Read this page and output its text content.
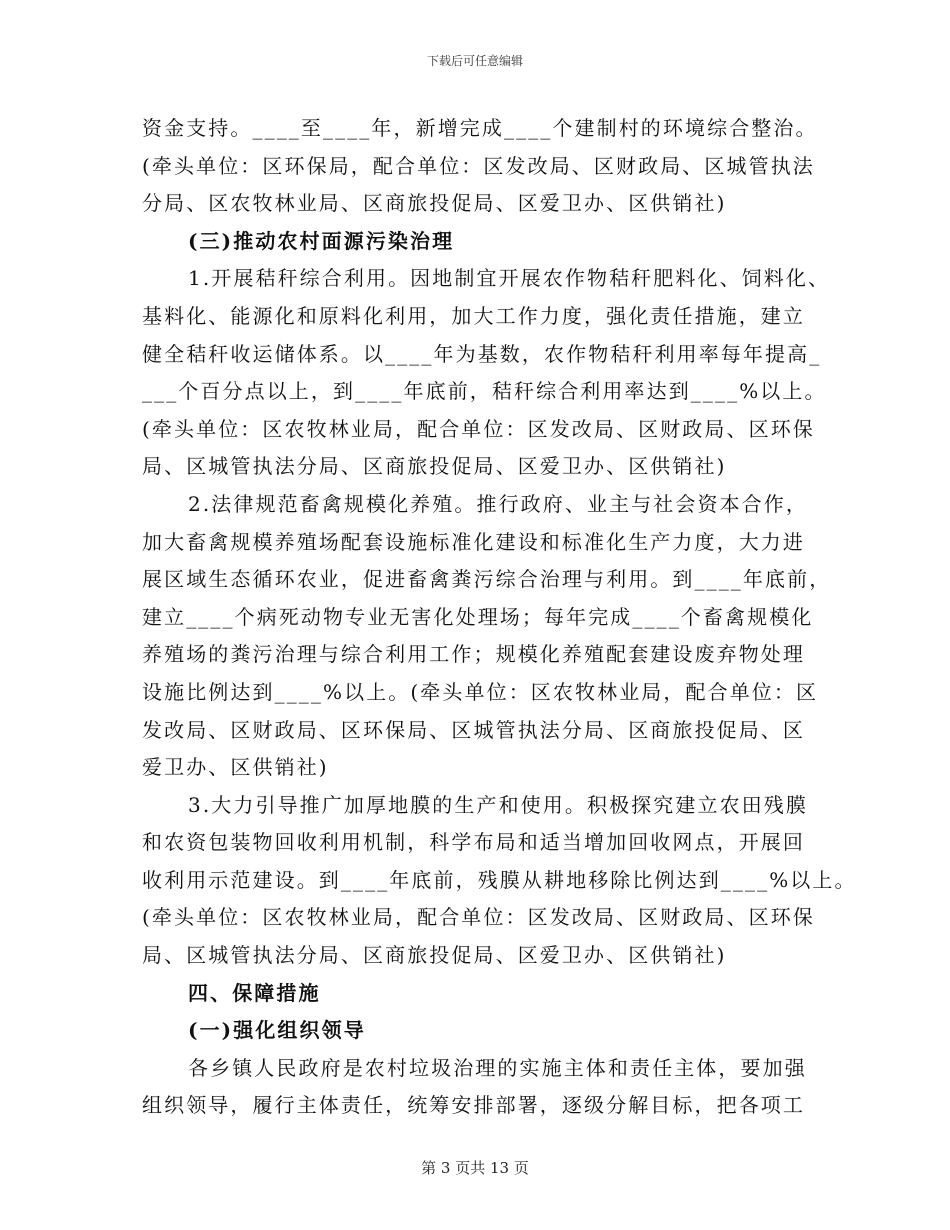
下载后可任意编辑
资金支持。____至____年，新增完成____个建制村的环境综合整治。
(牵头单位：区环保局，配合单位：区发改局、区财政局、区城管执法
分局、区农牧林业局、区商旅投促局、区爱卫办、区供销社)
(三)推动农村面源污染治理
1.开展秸秆综合利用。因地制宜开展农作物秸秆肥料化、饲料化、
基料化、能源化和原料化利用，加大工作力度，强化责任措施，建立
健全秸秆收运储体系。以____年为基数，农作物秸秆利用率每年提高_
___个百分点以上，到____年底前，秸秆综合利用率达到____%以上。
(牵头单位：区农牧林业局，配合单位：区发改局、区财政局、区环保
局、区城管执法分局、区商旅投促局、区爱卫办、区供销社)
2.法律规范畜禽规模化养殖。推行政府、业主与社会资本合作，
加大畜禽规模养殖场配套设施标准化建设和标准化生产力度，大力进
展区域生态循环农业，促进畜禽粪污综合治理与利用。到____年底前，
建立____个病死动物专业无害化处理场；每年完成____个畜禽规模化
养殖场的粪污治理与综合利用工作；规模化养殖配套建设废弃物处理
设施比例达到____%以上。(牵头单位：区农牧林业局，配合单位：区
发改局、区财政局、区环保局、区城管执法分局、区商旅投促局、区
爱卫办、区供销社)
3.大力引导推广加厚地膜的生产和使用。积极探究建立农田残膜
和农资包装物回收利用机制，科学布局和适当增加回收网点，开展回
收利用示范建设。到____年底前，残膜从耕地移除比例达到____%以上。
(牵头单位：区农牧林业局，配合单位：区发改局、区财政局、区环保
局、区城管执法分局、区商旅投促局、区爱卫办、区供销社)
四、保障措施
(一)强化组织领导
各乡镇人民政府是农村垃圾治理的实施主体和责任主体，要加强
组织领导，履行主体责任，统筹安排部署，逐级分解目标，把各项工
第 3 页共 13 页
